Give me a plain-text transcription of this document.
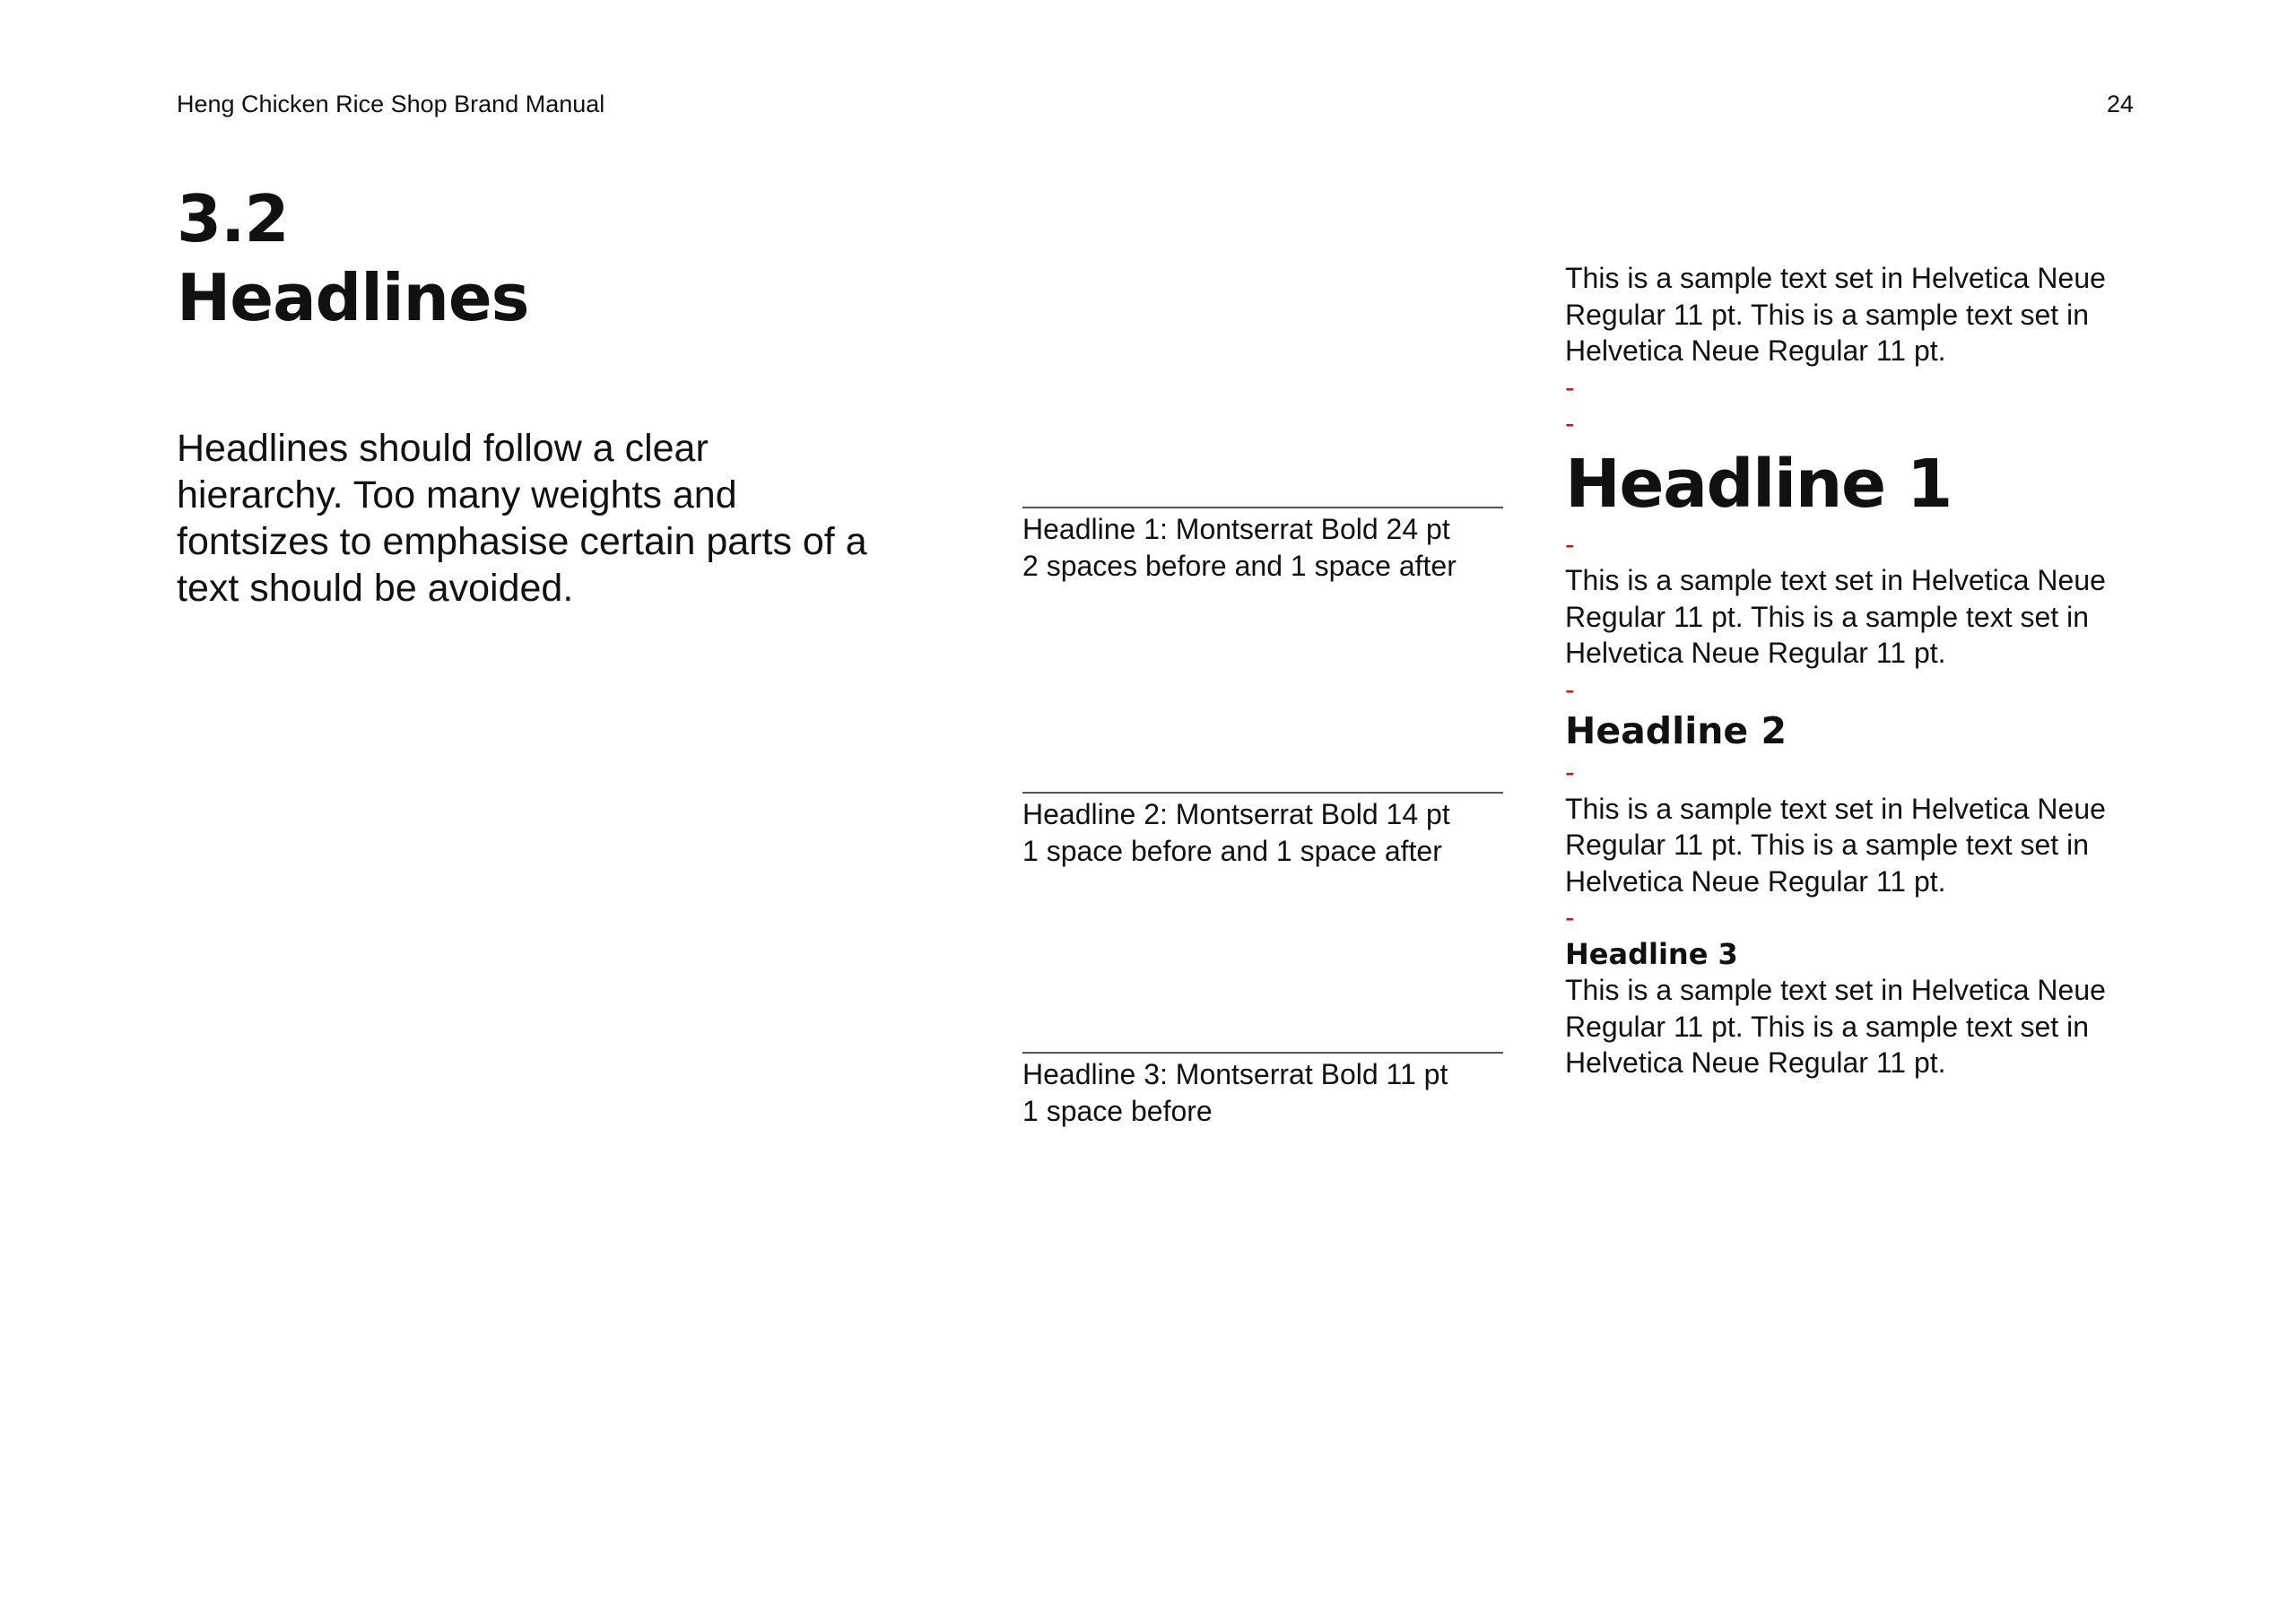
Heng Chicken Rice Shop Brand Manual	24
3.2
Headlines
Headlines should follow a clear hierarchy. Too many weights and fontsizes to emphasise certain parts of a text should be avoided.
Headline 1: Montserrat Bold 24 pt
2 spaces before and 1 space after
Headline 2: Montserrat Bold 14 pt
1 space before and 1 space after
Headline 3: Montserrat Bold 11 pt
1 space before
This is a sample text set in Helvetica Neue Regular 11 pt. This is a sample text set in Helvetica Neue Regular 11 pt.
-
-
Headline 1
-
This is a sample text set in Helvetica Neue Regular 11 pt. This is a sample text set in Helvetica Neue Regular 11 pt.
-
Headline 2
-
This is a sample text set in Helvetica Neue Regular 11 pt. This is a sample text set in Helvetica Neue Regular 11 pt.
-
Headline 3
This is a sample text set in Helvetica Neue Regular 11 pt. This is a sample text set in Helvetica Neue Regular 11 pt.
